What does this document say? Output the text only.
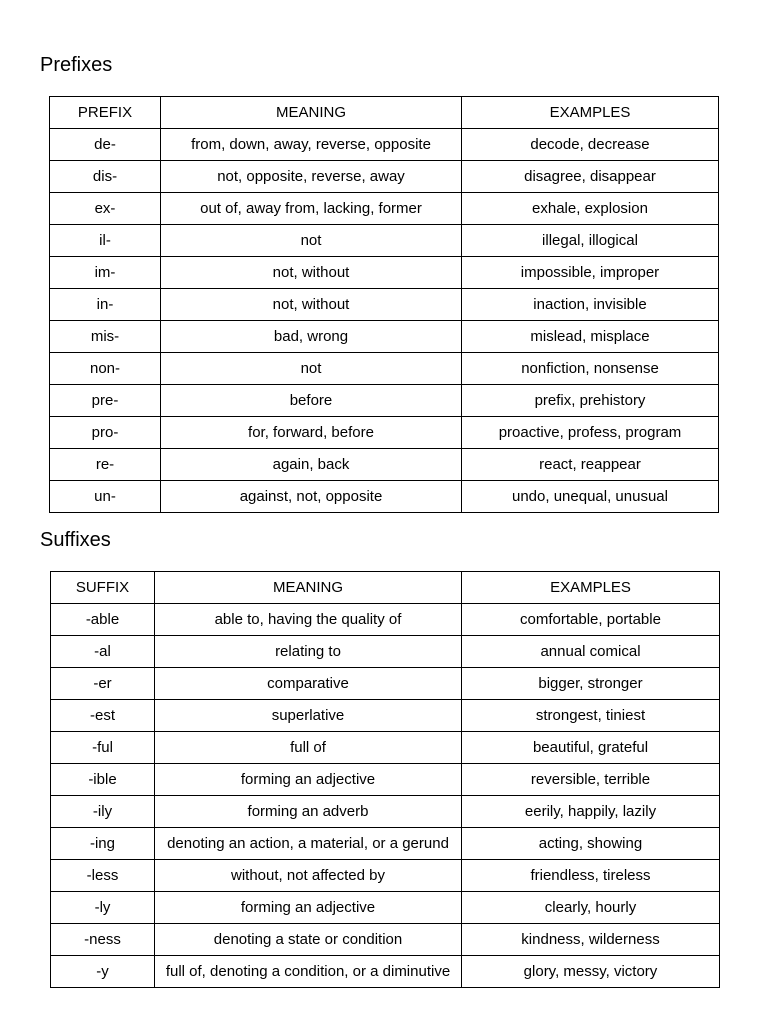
Prefixes
PREFIX	MEANING	EXAMPLES
de-	from, down, away, reverse, opposite	decode, decrease
dis-	not, opposite, reverse, away	disagree, disappear
ex-	out of, away from, lacking, former	exhale, explosion
il-	not	illegal, illogical
im-	not, without	impossible, improper
in-	not, without	inaction, invisible
mis-	bad, wrong	mislead, misplace
non-	not	nonfiction, nonsense
pre-	before	prefix, prehistory
pro-	for, forward, before	proactive, profess, program
re-	again, back	react, reappear
un-	against, not, opposite	undo, unequal, unusual
Suffixes
SUFFIX	MEANING	EXAMPLES
-able	able to, having the quality of	comfortable, portable
-al	relating to	annual comical
-er	comparative	bigger, stronger
-est	superlative	strongest, tiniest
-ful	full of	beautiful, grateful
-ible	forming an adjective	reversible, terrible
-ily	forming an adverb	eerily, happily, lazily
-ing	denoting an action, a material, or a gerund	acting, showing
-less	without, not affected by	friendless, tireless
-ly	forming an adjective	clearly, hourly
-ness	denoting a state or condition	kindness, wilderness
-y	full of, denoting a condition, or a diminutive	glory, messy, victory
